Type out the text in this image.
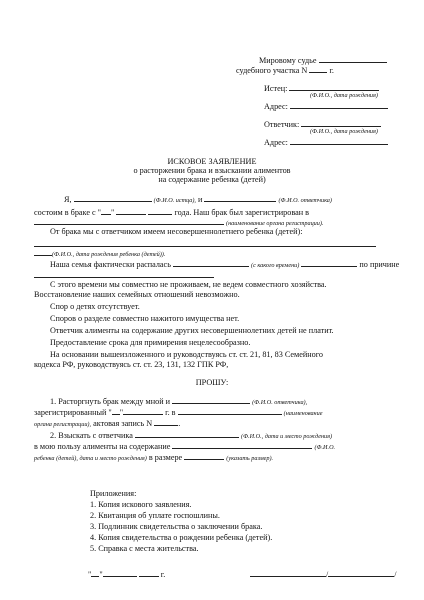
Мировому судье
судебного участка N	г.
Истец:
(Ф.И.О., дата рождения)
Адрес:
Ответчик:
(Ф.И.О., дата рождения)
Адрес:
ИСКОВОЕ ЗАЯВЛЕНИЕ
о расторжении брака и взыскании алиментов
на содержание ребенка (детей)
Я,	(Ф.И.О. истца), и	(Ф.И.О. ответчика)
состоим в браке с " "	года. Наш брак был зарегистрирован в
(наименование органа регистрации).
От брака мы с ответчиком имеем несовершеннолетнего ребенка (детей):
(Ф.И.О., дата рождения ребенка (детей)).
Наша семья фактически распалась	(с какого времени)	по причине
С этого времени мы совместно не проживаем, не ведем совместного хозяйства.
Восстановление наших семейных отношений невозможно.
Спор о детях отсутствует.
Споров о разделе совместно нажитого имущества нет.
Ответчик алименты на содержание других несовершеннолетних детей не платит.
Предоставление срока для примирения нецелесообразно.
На основании вышеизложенного и руководствуясь ст. ст. 21, 81, 83 Семейного
кодекса РФ, руководствуясь ст. ст. 23, 131, 132 ГПК РФ,
ПРОШУ:
1. Расторгнуть брак между мной и	(Ф.И.О. ответчика),
зарегистрированный " "	г. в	(наименование
органа регистрации), актовая запись N	.
2. Взыскать с ответчика	(Ф.И.О., дата и место рождения)
в мою пользу алименты на содержание	(Ф.И.О.
ребенка (детей), дата и место рождения) в размере	(указать размер).
Приложения:
1. Копия искового заявления.
2. Квитанция об уплате госпошлины.
3. Подлинник свидетельства о заключении брака.
4. Копия свидетельства о рождении ребенка (детей).
5. Справка с места жительства.
" "	г.	/	/
